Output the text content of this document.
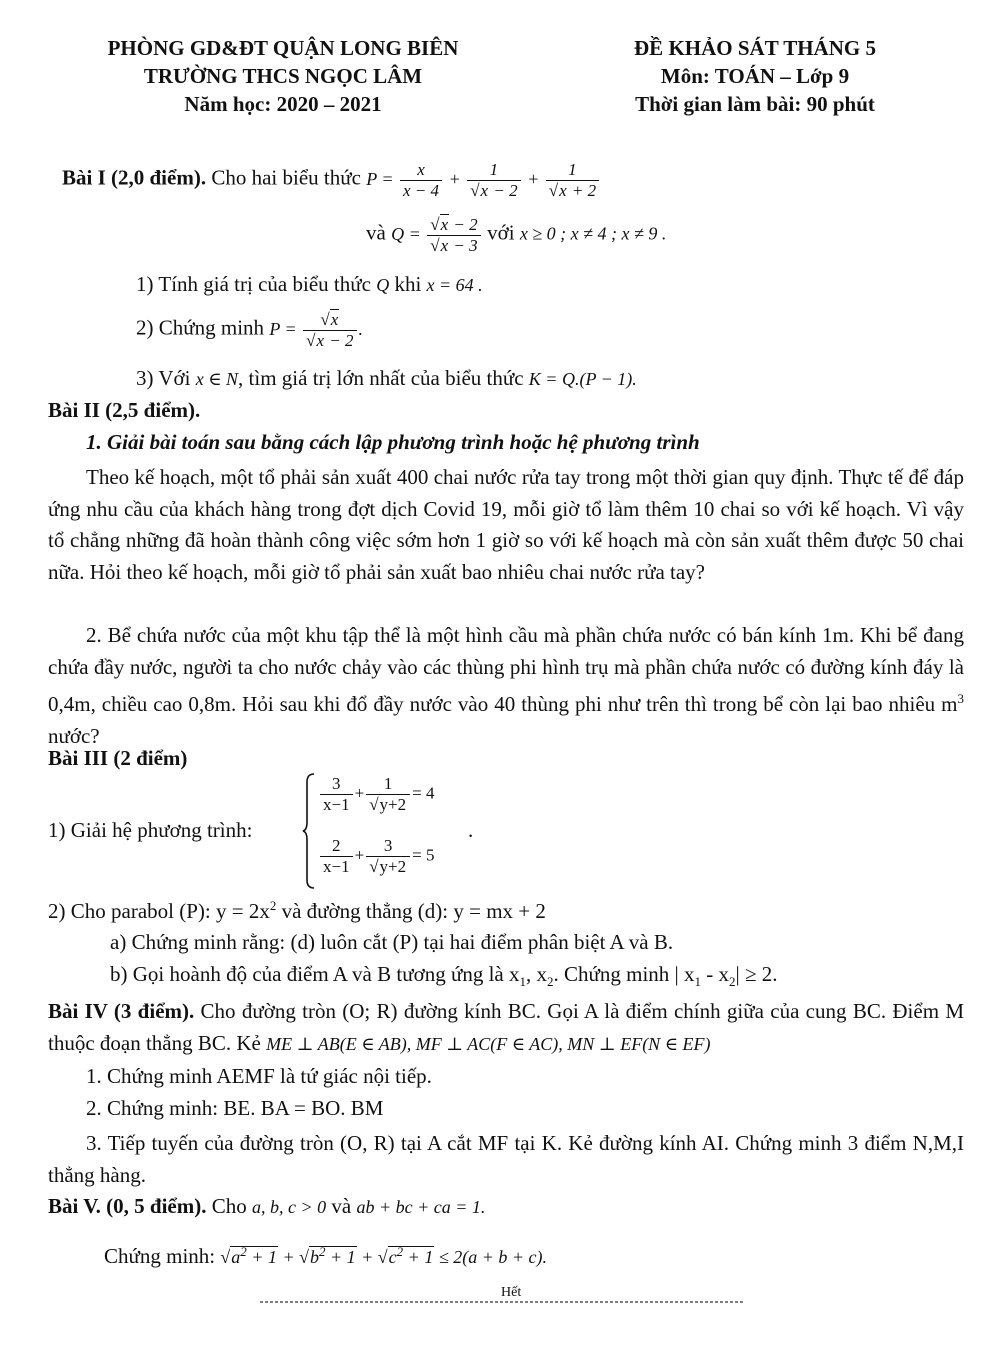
PHÒNG GD&ĐT QUẬN LONG BIÊN
TRƯỜNG THCS NGỌC LÂM
Năm học: 2020 – 2021
ĐỀ KHẢO SÁT THÁNG 5
Môn: TOÁN – Lớp 9
Thời gian làm bài: 90 phút
Bài I (2,0 điểm). Cho hai biểu thức $P = \frac{x}{x - 4} + \frac{1}{√x - 2} + \frac{1}{√x + 2}$
và $Q = \frac{√x - 2}{√x - 3}$ với x ≥ 0 ; x ≠ 4 ; x ≠ 9 .
1) Tính giá trị của biểu thức Q khi x = 64 .
2) Chứng minh $P = \frac{√x}{√x - 2}$ .
3) Với x ∈ N, tìm giá trị lớn nhất của biểu thức K = Q.(P − 1).
Bài II (2,5 điểm).
1. Giải bài toán sau bằng cách lập phương trình hoặc hệ phương trình
Theo kế hoạch, một tổ phải sản xuất 400 chai nước rửa tay trong một thời gian quy định. Thực tế để đáp ứng nhu cầu của khách hàng trong đợt dịch Covid 19, mỗi giờ tổ làm thêm 10 chai so với kế hoạch. Vì vậy tổ chẳng những đã hoàn thành công việc sớm hơn 1 giờ so với kế hoạch mà còn sản xuất thêm được 50 chai nữa. Hỏi theo kế hoạch, mỗi giờ tổ phải sản xuất bao nhiêu chai nước rửa tay?
2. Bể chứa nước của một khu tập thể là một hình cầu mà phần chứa nước có bán kính 1m. Khi bể đang chứa đầy nước, người ta cho nước chảy vào các thùng phi hình trụ mà phần chứa nước có đường kính đáy là 0,4m, chiều cao 0,8m. Hỏi sau khi đổ đầy nước vào 40 thùng phi như trên thì trong bể còn lại bao nhiêu $m^3$ nước?
Bài III (2 điểm)
1) Giải hệ phương trình:
$\frac{3}{x-1} + \frac{1}{√y+2} = 4$
$\frac{2}{x-1} + \frac{3}{√y+2} = 5$
.
2) Cho parabol (P): $y = 2x^2$ và đường thẳng (d): y = mx + 2
a) Chứng minh rằng: (d) luôn cắt (P) tại hai điểm phân biệt A và B.
b) Gọi hoành độ của điểm A và B tương ứng là $x_1$, $x_2$. Chứng minh | $x_1 - x_2| \ge 2$.
Bài IV (3 điểm). Cho đường tròn (O; R) đường kính BC. Gọi A là điểm chính giữa của cung BC. Điểm M thuộc đoạn thẳng BC. Kẻ ME ⊥ AB(E ∈ AB), MF ⊥ AC(F ∈ AC), MN ⊥ EF(N ∈ EF)
1. Chứng minh AEMF là tứ giác nội tiếp.
2. Chứng minh: BE. BA = BO. BM
3. Tiếp tuyến của đường tròn (O, R) tại A cắt MF tại K. Kẻ đường kính AI. Chứng minh 3 điểm N,M,I thẳng hàng.
Bài V. (0, 5 điểm). Cho a, b, c > 0 và ab + bc + ca = 1.
Chứng minh: $√a^2 + 1 + √b^2 + 1 + √c^2 + 1 \le 2(a + b + c)$.
Hết
